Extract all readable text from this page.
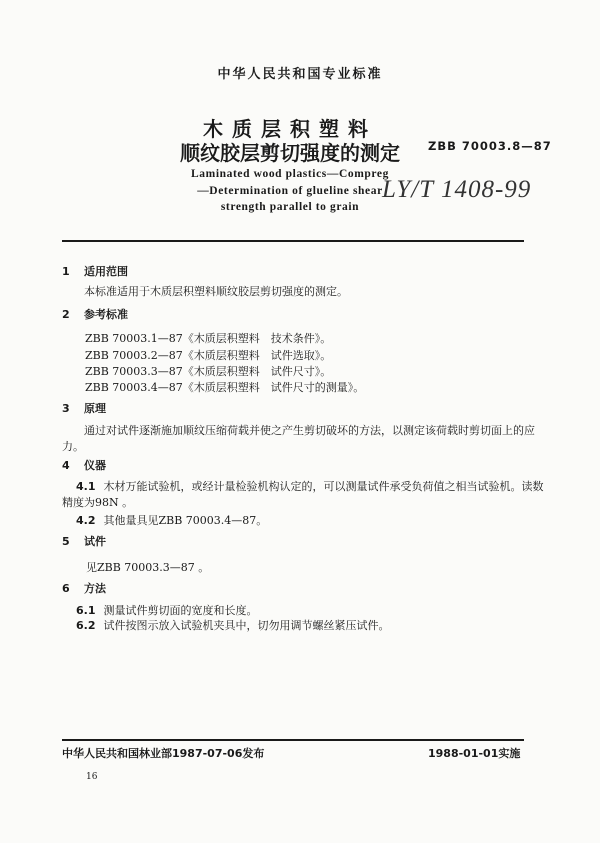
中华人民共和国专业标准
木质层积塑料
顺纹胶层剪切强度的测定	ZBB 70003.8—87
Laminated wood plastics—Compreg
—Determination of glueline shear
strength parallel to grain
LY/T 1408-99
1 适用范围
本标准适用于木质层积塑料顺纹胶层剪切强度的测定。
2 参考标准
ZBB 70003.1—87《木质层积塑料　技术条件》。
ZBB 70003.2—87《木质层积塑料　试件选取》。
ZBB 70003.3—87《木质层积塑料　试件尺寸》。
ZBB 70003.4—87《木质层积塑料　试件尺寸的测量》。
3 原理
通过对试件逐渐施加顺纹压缩荷载并使之产生剪切破坏的方法，以测定该荷载时剪切面上的应
力。
4 仪器
4.1 木材万能试验机，或经计量检验机构认定的，可以测量试件承受负荷值之相当试验机。读数
精度为98N 。
4.2 其他量具见ZBB 70003.4—87。
5 试件
见ZBB 70003.3—87 。
6 方法
6.1 测量试件剪切面的宽度和长度。
6.2 试件按图示放入试验机夹具中，切勿用调节螺丝紧压试件。
中华人民共和国林业部1987-07-06发布	1988-01-01实施
16
